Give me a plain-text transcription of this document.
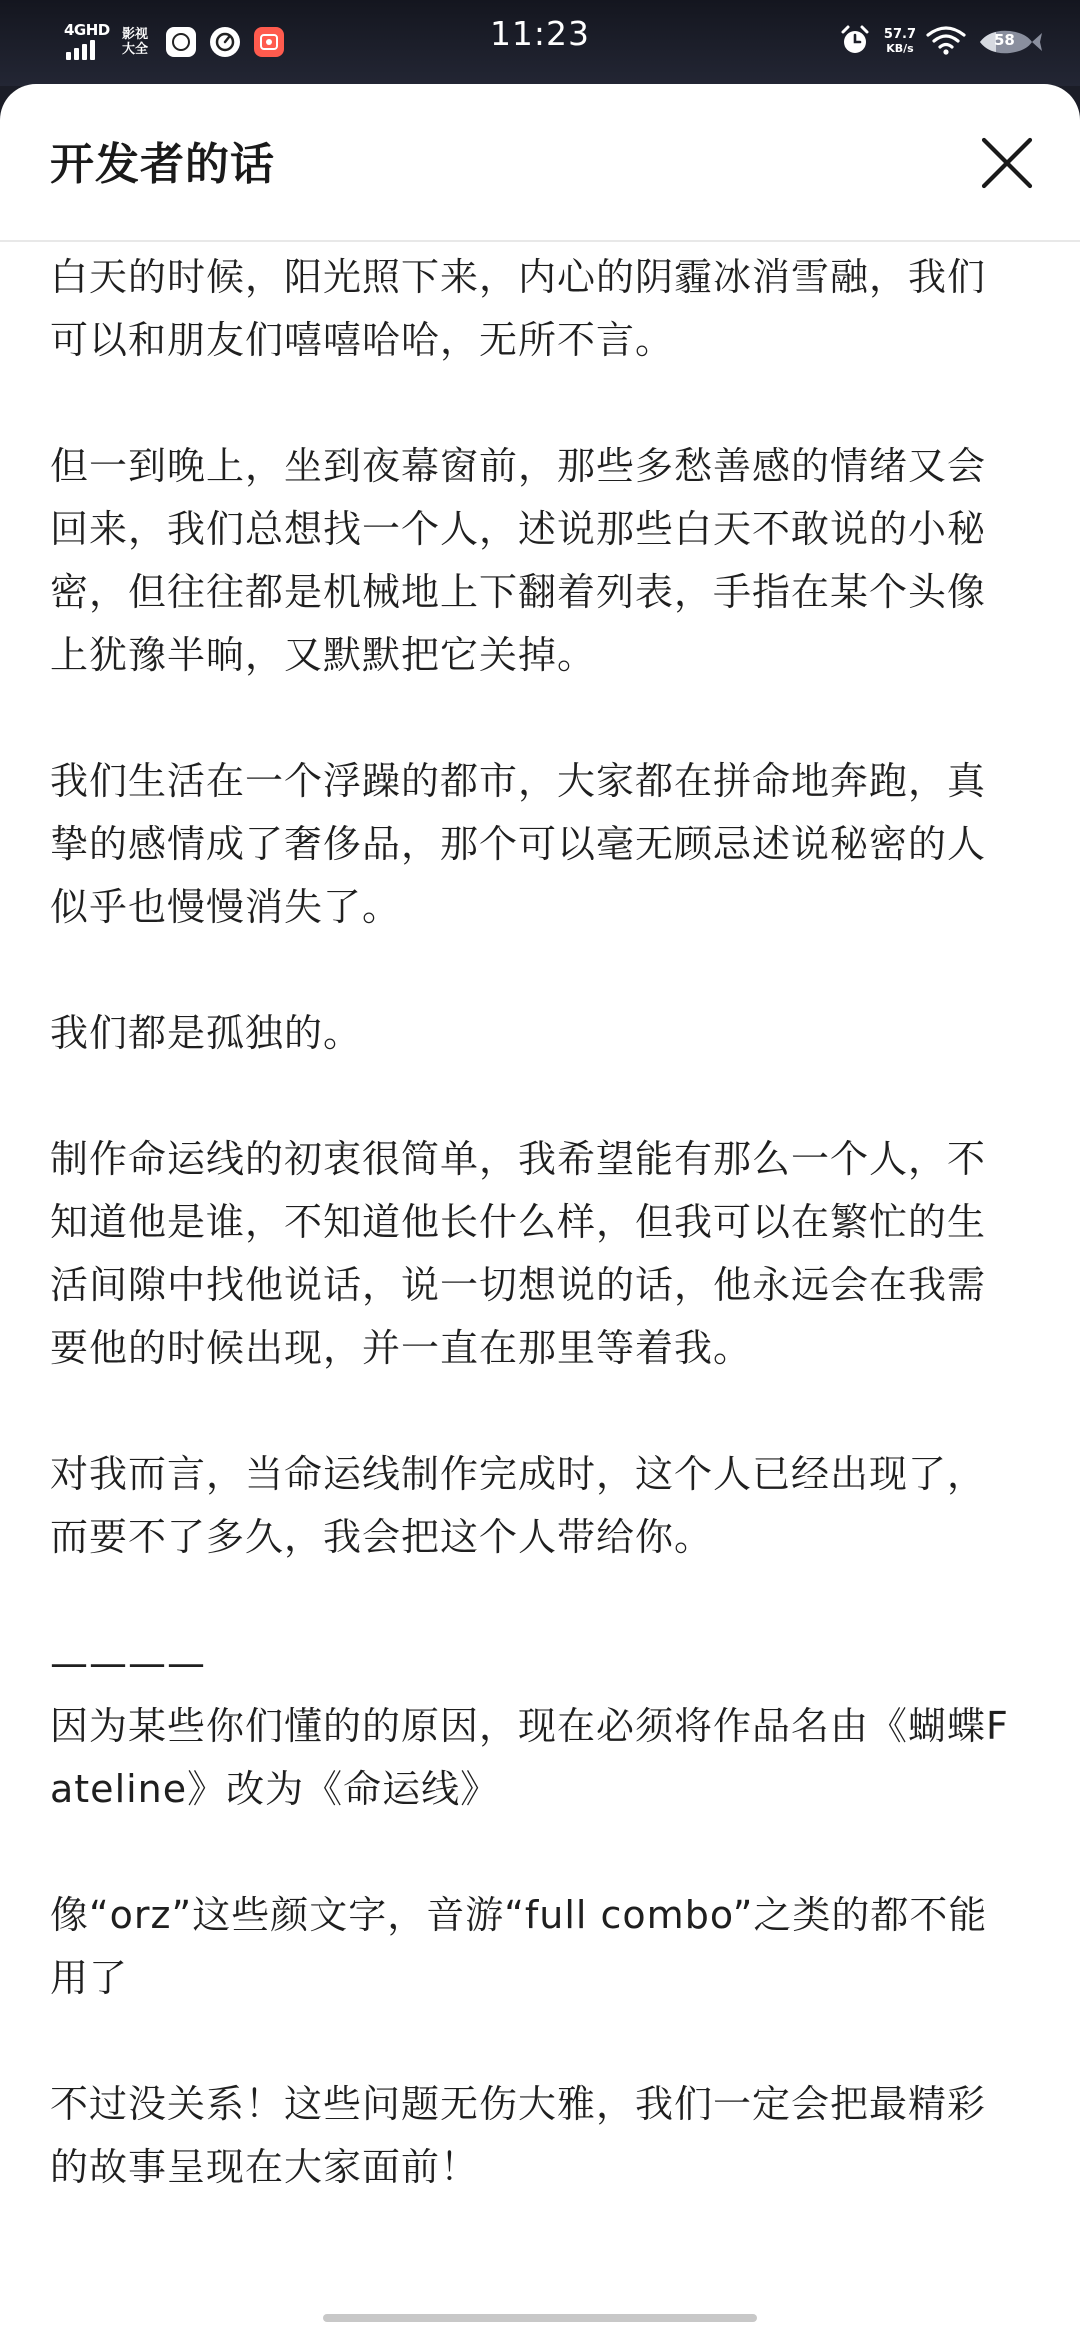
4GHD 影视大全	11:23	57.7
KB/s	58
开发者的话

白天的时候，阳光照下来，内心的阴霾冰消雪融，我们可以和朋友们嘻嘻哈哈，无所不言。

但一到晚上，坐到夜幕窗前，那些多愁善感的情绪又会回来，我们总想找一个人，述说那些白天不敢说的小秘密，但往往都是机械地上下翻着列表，手指在某个头像上犹豫半晌，又默默把它关掉。

我们生活在一个浮躁的都市，大家都在拼命地奔跑，真挚的感情成了奢侈品，那个可以毫无顾忌述说秘密的人似乎也慢慢消失了。

我们都是孤独的。

制作命运线的初衷很简单，我希望能有那么一个人，不知道他是谁，不知道他长什么样，但我可以在繁忙的生活间隙中找他说话，说一切想说的话，他永远会在我需要他的时候出现，并一直在那里等着我。

对我而言，当命运线制作完成时，这个人已经出现了，而要不了多久，我会把这个人带给你。

————

因为某些你们懂的的原因，现在必须将作品名由《蝴蝶Fateline》改为《命运线》

像“orz”这些颜文字，音游“full combo”之类的都不能用了

不过没关系！这些问题无伤大雅，我们一定会把最精彩的故事呈现在大家面前！
